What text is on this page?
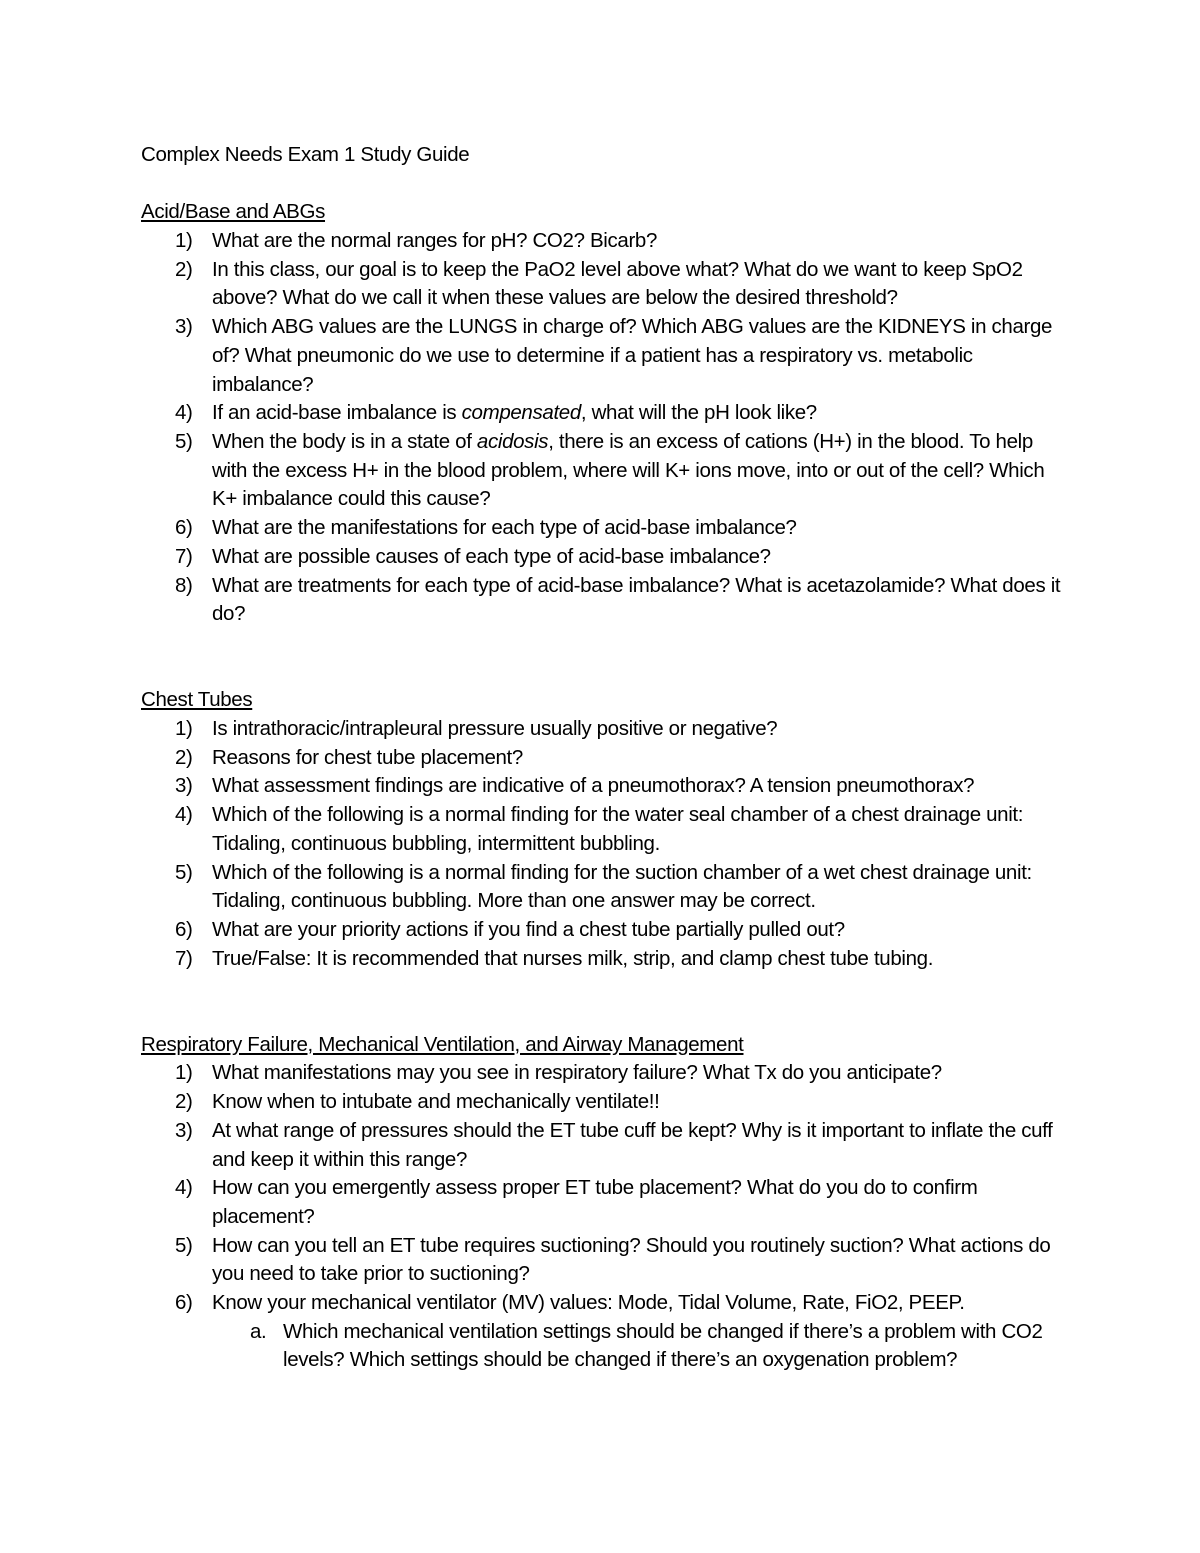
Complex Needs Exam 1 Study Guide
Acid/Base and ABGs
1) What are the normal ranges for pH? CO2? Bicarb?
2) In this class, our goal is to keep the PaO2 level above what? What do we want to keep SpO2 above? What do we call it when these values are below the desired threshold?
3) Which ABG values are the LUNGS in charge of? Which ABG values are the KIDNEYS in charge of? What pneumonic do we use to determine if a patient has a respiratory vs. metabolic imbalance?
4) If an acid-base imbalance is compensated, what will the pH look like?
5) When the body is in a state of acidosis, there is an excess of cations (H+) in the blood. To help with the excess H+ in the blood problem, where will K+ ions move, into or out of the cell? Which K+ imbalance could this cause?
6) What are the manifestations for each type of acid-base imbalance?
7) What are possible causes of each type of acid-base imbalance?
8) What are treatments for each type of acid-base imbalance? What is acetazolamide? What does it do?
Chest Tubes
1) Is intrathoracic/intrapleural pressure usually positive or negative?
2) Reasons for chest tube placement?
3) What assessment findings are indicative of a pneumothorax? A tension pneumothorax?
4) Which of the following is a normal finding for the water seal chamber of a chest drainage unit: Tidaling, continuous bubbling, intermittent bubbling.
5) Which of the following is a normal finding for the suction chamber of a wet chest drainage unit: Tidaling, continuous bubbling. More than one answer may be correct.
6) What are your priority actions if you find a chest tube partially pulled out?
7) True/False: It is recommended that nurses milk, strip, and clamp chest tube tubing.
Respiratory Failure, Mechanical Ventilation, and Airway Management
1) What manifestations may you see in respiratory failure? What Tx do you anticipate?
2) Know when to intubate and mechanically ventilate!!
3) At what range of pressures should the ET tube cuff be kept? Why is it important to inflate the cuff and keep it within this range?
4) How can you emergently assess proper ET tube placement? What do you do to confirm placement?
5) How can you tell an ET tube requires suctioning? Should you routinely suction? What actions do you need to take prior to suctioning?
6) Know your mechanical ventilator (MV) values: Mode, Tidal Volume, Rate, FiO2, PEEP.
a. Which mechanical ventilation settings should be changed if there’s a problem with CO2 levels? Which settings should be changed if there’s an oxygenation problem?
